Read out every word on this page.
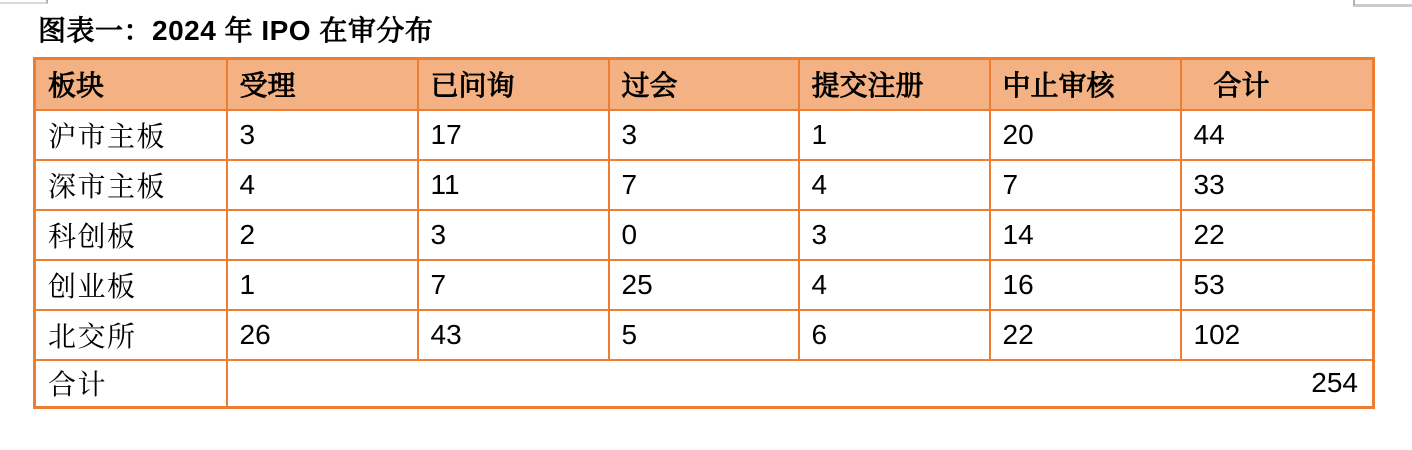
图表一：2024 年 IPO 在审分布
板块	受理	已问询	过会	提交注册	中止审核	合计
沪市主板	3	17	3	1	20	44
深市主板	4	11	7	4	7	33
科创板	2	3	0	3	14	22
创业板	1	7	25	4	16	53
北交所	26	43	5	6	22	102
合计	254					
